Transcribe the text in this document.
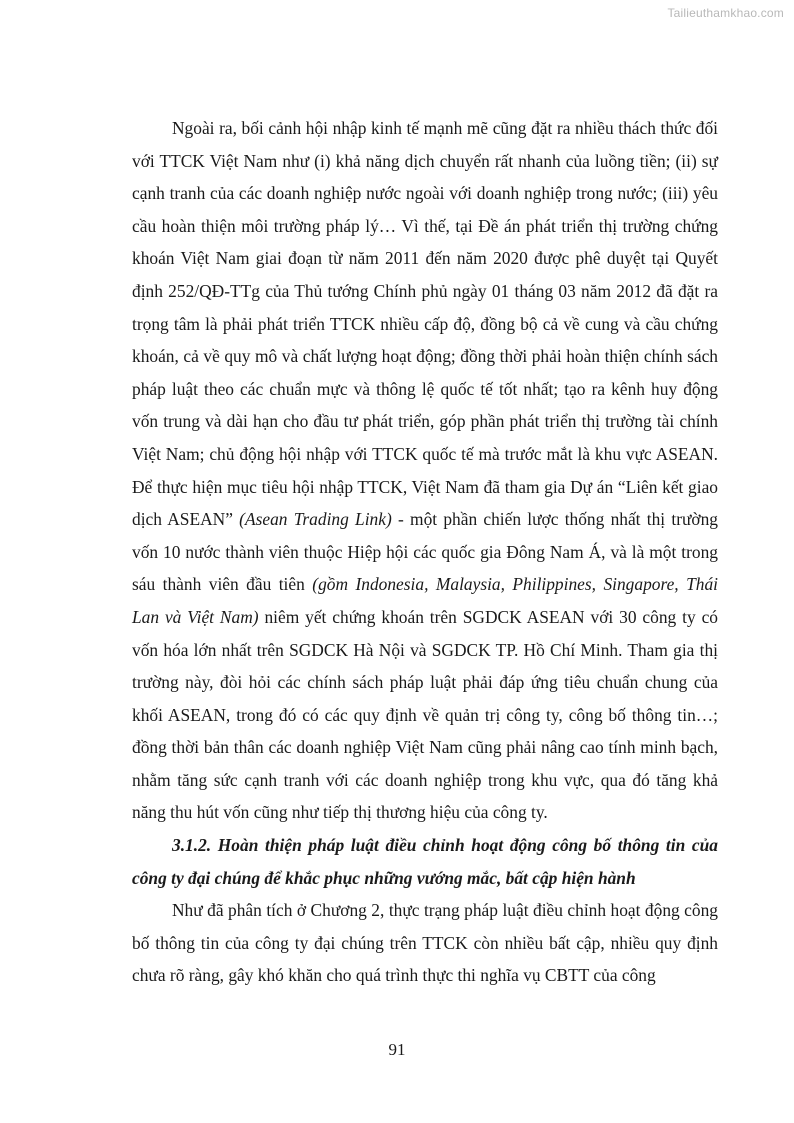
Tailieuthamkhao.com

Ngoài ra, bối cảnh hội nhập kinh tế mạnh mẽ cũng đặt ra nhiều thách thức đối với TTCK Việt Nam như (i) khả năng dịch chuyển rất nhanh của luồng tiền; (ii) sự cạnh tranh của các doanh nghiệp nước ngoài với doanh nghiệp trong nước; (iii) yêu cầu hoàn thiện môi trường pháp lý… Vì thế, tại Đề án phát triển thị trường chứng khoán Việt Nam giai đoạn từ năm 2011 đến năm 2020 được phê duyệt tại Quyết định 252/QĐ-TTg của Thủ tướng Chính phủ ngày 01 tháng 03 năm 2012 đã đặt ra trọng tâm là phải phát triển TTCK nhiều cấp độ, đồng bộ cả về cung và cầu chứng khoán, cả về quy mô và chất lượng hoạt động; đồng thời phải hoàn thiện chính sách pháp luật theo các chuẩn mực và thông lệ quốc tế tốt nhất; tạo ra kênh huy động vốn trung và dài hạn cho đầu tư phát triển, góp phần phát triển thị trường tài chính Việt Nam; chủ động hội nhập với TTCK quốc tế mà trước mắt là khu vực ASEAN. Để thực hiện mục tiêu hội nhập TTCK, Việt Nam đã tham gia Dự án “Liên kết giao dịch ASEAN” (Asean Trading Link) - một phần chiến lược thống nhất thị trường vốn 10 nước thành viên thuộc Hiệp hội các quốc gia Đông Nam Á, và là một trong sáu thành viên đầu tiên (gồm Indonesia, Malaysia, Philippines, Singapore, Thái Lan và Việt Nam) niêm yết chứng khoán trên SGDCK ASEAN với 30 công ty có vốn hóa lớn nhất trên SGDCK Hà Nội và SGDCK TP. Hồ Chí Minh. Tham gia thị trường này, đòi hỏi các chính sách pháp luật phải đáp ứng tiêu chuẩn chung của khối ASEAN, trong đó có các quy định về quản trị công ty, công bố thông tin…; đồng thời bản thân các doanh nghiệp Việt Nam cũng phải nâng cao tính minh bạch, nhằm tăng sức cạnh tranh với các doanh nghiệp trong khu vực, qua đó tăng khả năng thu hút vốn cũng như tiếp thị thương hiệu của công ty.

3.1.2. Hoàn thiện pháp luật điều chỉnh hoạt động công bố thông tin của công ty đại chúng để khắc phục những vướng mắc, bất cập hiện hành

Như đã phân tích ở Chương 2, thực trạng pháp luật điều chỉnh hoạt động công bố thông tin của công ty đại chúng trên TTCK còn nhiều bất cập, nhiều quy định chưa rõ ràng, gây khó khăn cho quá trình thực thi nghĩa vụ CBTT của công

91
